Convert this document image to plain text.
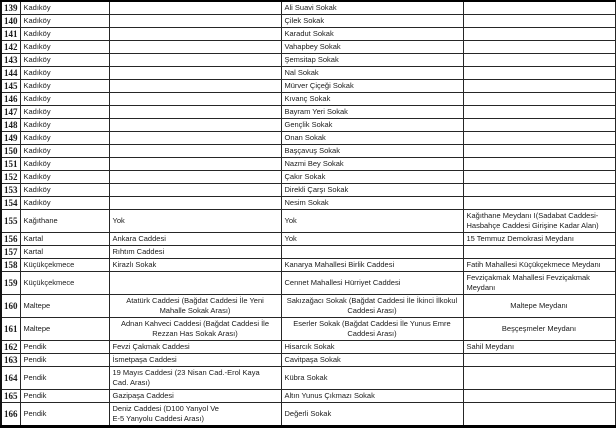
139	Kadıköy		Ali Suavi Sokak	
140	Kadıköy		Çilek Sokak	
141	Kadıköy		Karadut Sokak	
142	Kadıköy		Vahapbey Sokak	
143	Kadıköy		Şemsitap Sokak	
144	Kadıköy		Nal Sokak	
145	Kadıköy		Mürver Çiçeği Sokak	
146	Kadıköy		Kıvanç Sokak	
147	Kadıköy		Bayram Yeri Sokak	
148	Kadıköy		Gençlik Sokak	
149	Kadıköy		Onan Sokak	
150	Kadıköy		Başçavuş Sokak	
151	Kadıköy		Nazmi Bey Sokak	
152	Kadıköy		Çakır Sokak	
153	Kadıköy		Direkli Çarşı Sokak	
154	Kadıköy		Nesim Sokak	
155	Kağıthane	Yok	Yok	Kağıthane Meydanı I(Sadabat Caddesi-Hasbahçe Caddesi Girişine Kadar Alan)
156	Kartal	Ankara Caddesi	Yok	15 Temmuz Demokrasi Meydanı
157	Kartal	Rıhtım Caddesi		
158	Küçükçekmece	Kirazlı Sokak	Kanarya Mahallesi Birlik Caddesi	Fatih Mahallesi Küçükçekmece Meydanı
159	Küçükçekmece		Cennet Mahallesi Hürriyet Caddesi	Fevziçakmak Mahallesi Fevziçakmak Meydanı
160	Maltepe	Atatürk Caddesi (Bağdat Caddesi İle Yeni Mahalle Sokak Arası)	Sakızağacı Sokak (Bağdat Caddesi İle İkinci İlkokul Caddesi Arası)	Maltepe Meydanı
161	Maltepe	Adnan Kahveci Caddesi (Bağdat Caddesi İle Rezzan Has Sokak Arası)	Eserler Sokak (Bağdat Caddesi İle Yunus Emre Caddesi Arası)	Beşçeşmeler Meydanı
162	Pendik	Fevzi Çakmak Caddesi	Hisarcık Sokak	Sahil Meydanı
163	Pendik	İsmetpaşa Caddesi	Cavitpaşa Sokak	
164	Pendik	19 Mayıs Caddesi (23 Nisan Cad.-Erol Kaya Cad. Arası)	Kübra Sokak	
165	Pendik	Gazipaşa Caddesi	Altın Yunus Çıkmazı Sokak	
166	Pendik	Deniz Caddesi (D100 Yanyol Ve
E-5 Yanyolu Caddesi Arası)	Değerli Sokak	
